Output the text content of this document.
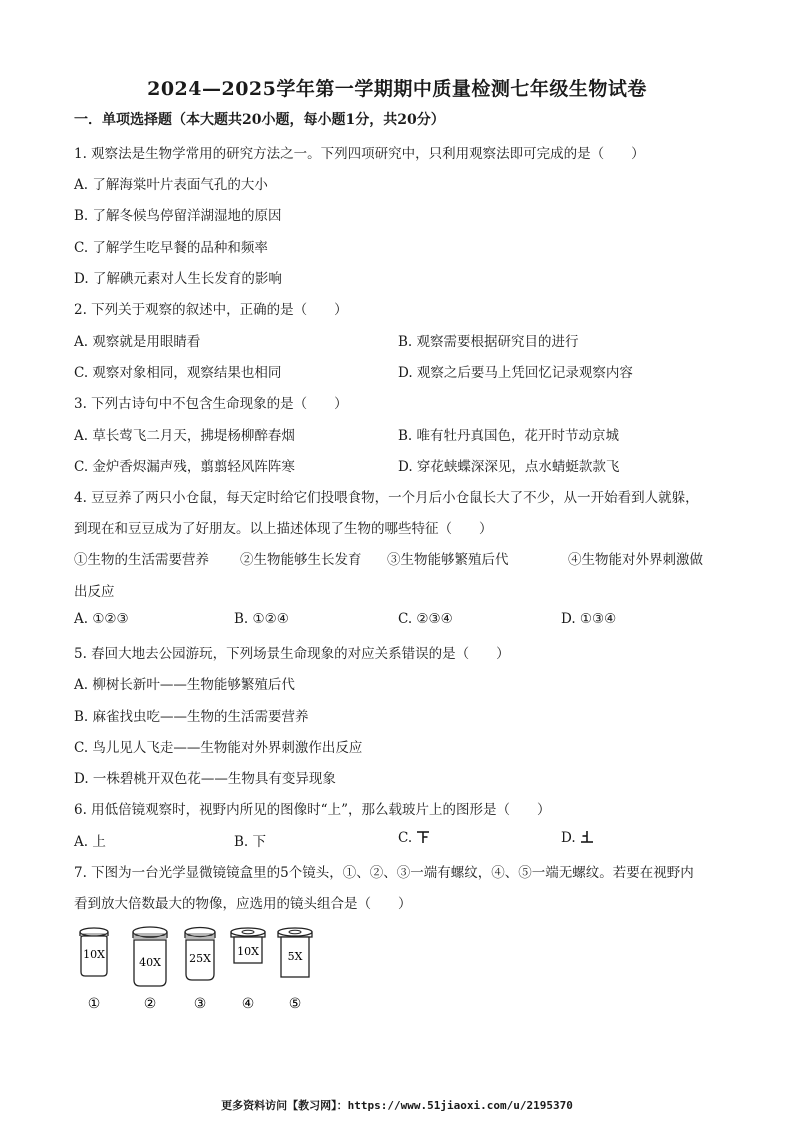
2024—2025学年第一学期期中质量检测七年级生物试卷
一．单项选择题（本大题共20小题，每小题1分，共20分）
1. 观察法是生物学常用的研究方法之一。下列四项研究中，只利用观察法即可完成的是（　　）
A. 了解海棠叶片表面气孔的大小
B. 了解冬候鸟停留洋湖湿地的原因
C. 了解学生吃早餐的品种和频率
D. 了解碘元素对人生长发育的影响
2. 下列关于观察的叙述中，正确的是（　　）
A. 观察就是用眼睛看	B. 观察需要根据研究目的进行
C. 观察对象相同，观察结果也相同	D. 观察之后要马上凭回忆记录观察内容
3. 下列古诗句中不包含生命现象的是（　　）
A. 草长莺飞二月天，拂堤杨柳醉春烟	B. 唯有牡丹真国色，花开时节动京城
C. 金炉香烬漏声残，翦翦轻风阵阵寒	D. 穿花蛱蝶深深见，点水蜻蜓款款飞
4. 豆豆养了两只小仓鼠，每天定时给它们投喂食物，一个月后小仓鼠长大了不少，从一开始看到人就躲，
到现在和豆豆成为了好朋友。以上描述体现了生物的哪些特征（　　）
①生物的生活需要营养 ②生物能够生长发育 ③生物能够繁殖后代	④生物能对外界刺激做
出反应
A. ①②③	B. ①②④	C. ②③④	D. ①③④
5. 春回大地去公园游玩，下列场景生命现象的对应关系错误的是（　　）
A. 柳树长新叶——生物能够繁殖后代
B. 麻雀找虫吃——生物的生活需要营养
C. 鸟儿见人飞走——生物能对外界刺激作出反应
D. 一株碧桃开双色花——生物具有变异现象
6. 用低倍镜观察时，视野内所见的图像时“上”，那么载玻片上的图形是（　　）
A. 上	B. 下	C.	D.
7. 下图为一台光学显微镜镜盒里的5个镜头，①、②、③一端有螺纹，④、⑤一端无螺纹。若要在视野内
看到放大倍数最大的物像，应选用的镜头组合是（　　）
10X
①
40X
②
25X
③
10X
④
5X
⑤
更多资料访问【教习网】：https://www.51jiaoxi.com/u/2195370
